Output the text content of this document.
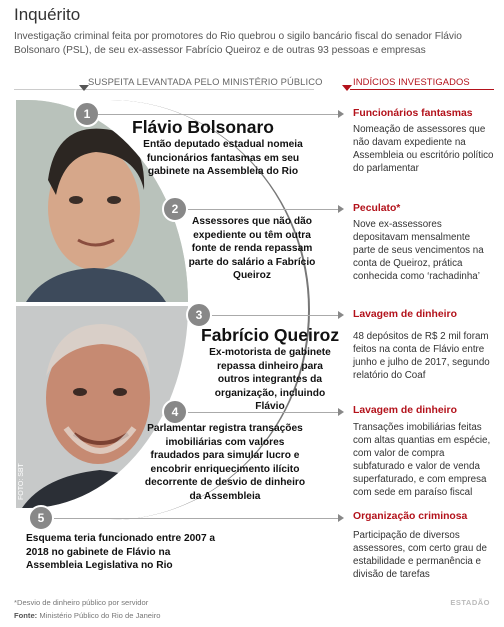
Inquérito
Investigação criminal feita por promotores do Rio quebrou o sigilo bancário fiscal do senador Flávio Bolsonaro (PSL), de seu ex-assessor Fabrício Queiroz e de outras 93 pessoas e empresas
SUSPEITA LEVANTADA PELO MINISTÉRIO PÚBLICO	INDÍCIOS INVESTIGADOS
FOTO: SBT
Flávio Bolsonaro
Fabrício Queiroz
1
Então deputado estadual nomeia funcionários fantasmas em seu gabinete na Assembleia do Rio
Funcionários fantasmas
Nomeação de assessores que não davam expediente na Assembleia ou escritório político do parlamentar
2
Assessores que não dão expediente ou têm outra fonte de renda repassam parte do salário a Fabrício Queiroz
Peculato*
Nove ex-assessores depositavam mensalmente parte de seus vencimentos na conta de Queiroz, prática conhecida como ‘rachadinha’
3
Ex-motorista de gabinete repassa dinheiro para outros integrantes da organização, incluindo Flávio
Lavagem de dinheiro
48 depósitos de R$ 2 mil foram feitos na conta de Flávio entre junho e julho de 2017, segundo relatório do Coaf
4
Parlamentar registra transações imobiliárias com valores fraudados para simular lucro e encobrir enriquecimento ilícito decorrente de desvio de dinheiro da Assembleia
Lavagem de dinheiro
Transações imobiliárias feitas com altas quantias em espécie, com valor de compra subfaturado e valor de venda superfaturado, e com empresa com sede em paraíso fiscal
5
Esquema teria funcionado entre 2007 a 2018 no gabinete de Flávio na Assembleia Legislativa no Rio
Organização criminosa
Participação de diversos assessores, com certo grau de estabilidade e permanência e divisão de tarefas
*Desvio de dinheiro público por servidor	ESTADÃO
Fonte: Ministério Público do Rio de Janeiro
